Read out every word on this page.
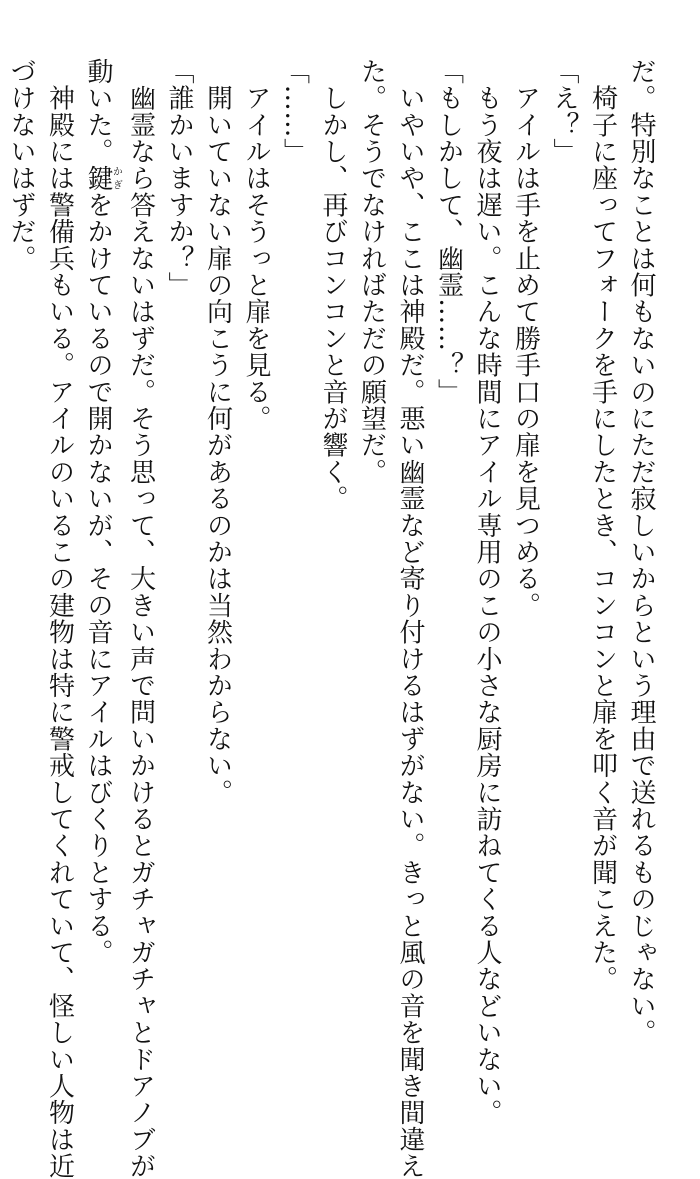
だ。特別なことは何もないのにただ寂しいからという理由で送れるものじゃない。
　椅子に座ってフォークを手にしたとき、コンコンと扉を叩く音が聞こえた。
「え？」
　アイルは手を止めて勝手口の扉を見つめる。
　もう夜は遅い。こんな時間にアイル専用のこの小さな厨房に訪ねてくる人などいない。
「もしかして、幽霊……？」
　いやいや、ここは神殿だ。悪い幽霊など寄り付けるはずがない。きっと風の音を聞き間違え
た。そうでなければただの願望だ。
　しかし、再びコンコンと音が響く。
「……」
　アイルはそうっと扉を見る。
　開いていない扉の向こうに何があるのかは当然わからない。
「誰かいますか？」
　幽霊なら答えないはずだ。そう思って、大きい声で問いかけるとガチャガチャとドアノブが
動いた。鍵かぎをかけているので開かないが、その音にアイルはびくりとする。
　神殿には警備兵もいる。アイルのいるこの建物は特に警戒してくれていて、怪しい人物は近
づけないはずだ。
